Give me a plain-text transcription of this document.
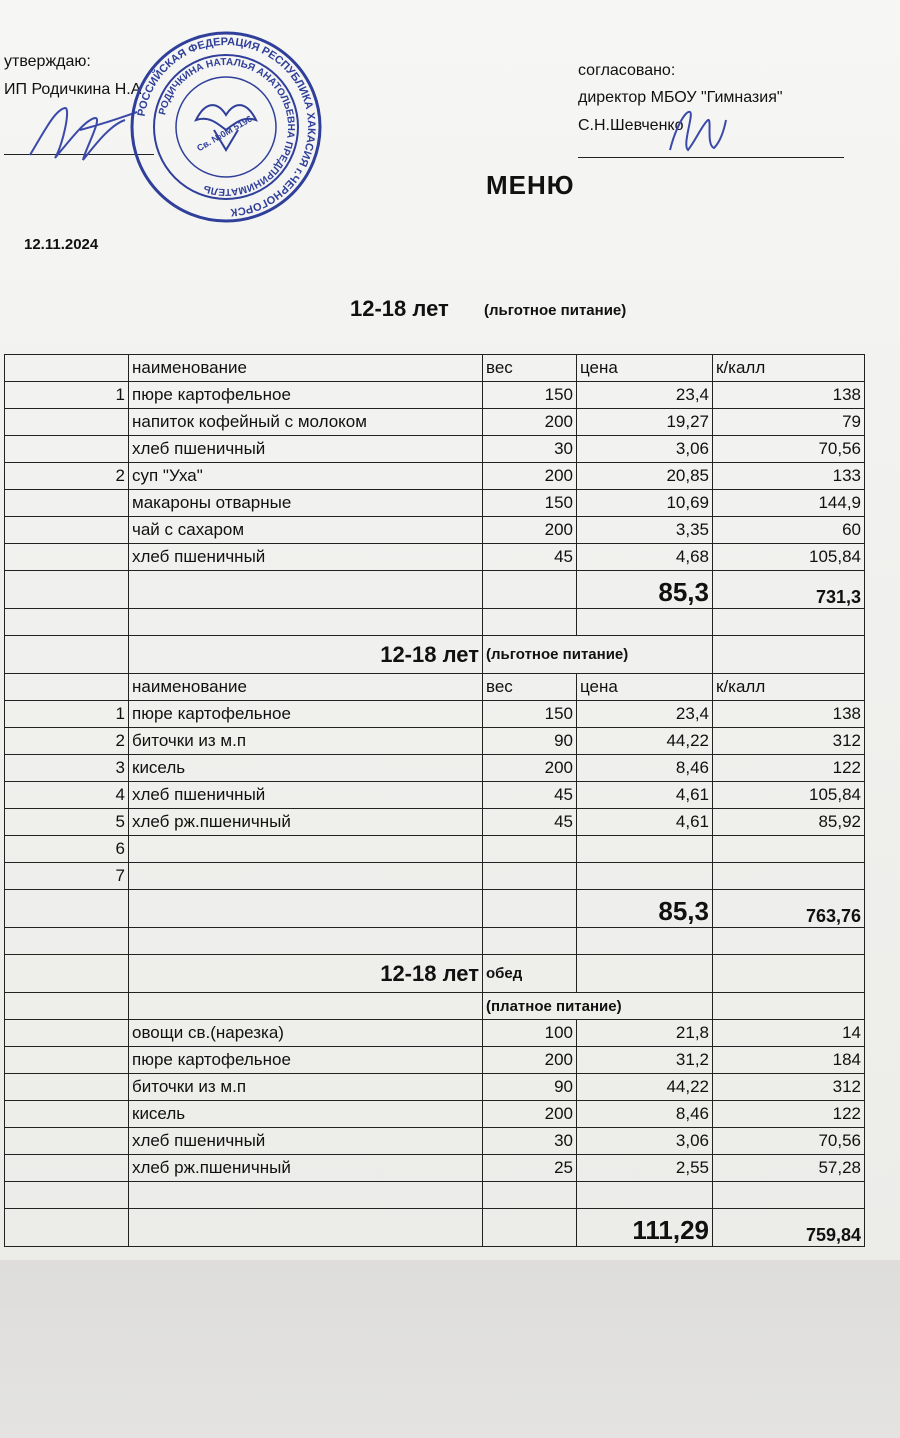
утверждаю:
ИП Родичкина Н.А
согласовано:
директор МБОУ "Гимназия"
С.Н.Шевченко
РОССИЙСКАЯ ФЕДЕРАЦИЯ РЕСПУБЛИКА ХАКАСИЯ г.ЧЕРНОГОРСК
РОДИЧКИНА НАТАЛЬЯ АНАТОЛЬЕВНА ПРЕДПРИНИМАТЕЛЬ
Св. №0М 5196
МЕНЮ
12.11.2024
12-18 лет (льготное питание)
	наименование	вес	цена	к/калл
1	пюре картофельное	150	23,4	138
	напиток кофейный с молоком	200	19,27	79
	хлеб пшеничный	30	3,06	70,56
2	суп "Уха"	200	20,85	133
	макароны отварные	150	10,69	144,9
	чай с сахаром	200	3,35	60
	хлеб пшеничный	45	4,68	105,84
			85,3	731,3

	12-18 лет	(льготное питание)		
	наименование	вес	цена	к/калл
1	пюре картофельное	150	23,4	138
2	биточки из м.п	90	44,22	312
3	кисель	200	8,46	122
4	хлеб пшеничный	45	4,61	105,84
5	хлеб рж.пшеничный	45	4,61	85,92
6				
7				
			85,3	763,76

	12-18 лет	обед		
		(платное питание)		
	овощи св.(нарезка)	100	21,8	14
	пюре картофельное	200	31,2	184
	биточки из м.п	90	44,22	312
	кисель	200	8,46	122
	хлеб пшеничный	30	3,06	70,56
	хлеб рж.пшеничный	25	2,55	57,28

			111,29	759,84
